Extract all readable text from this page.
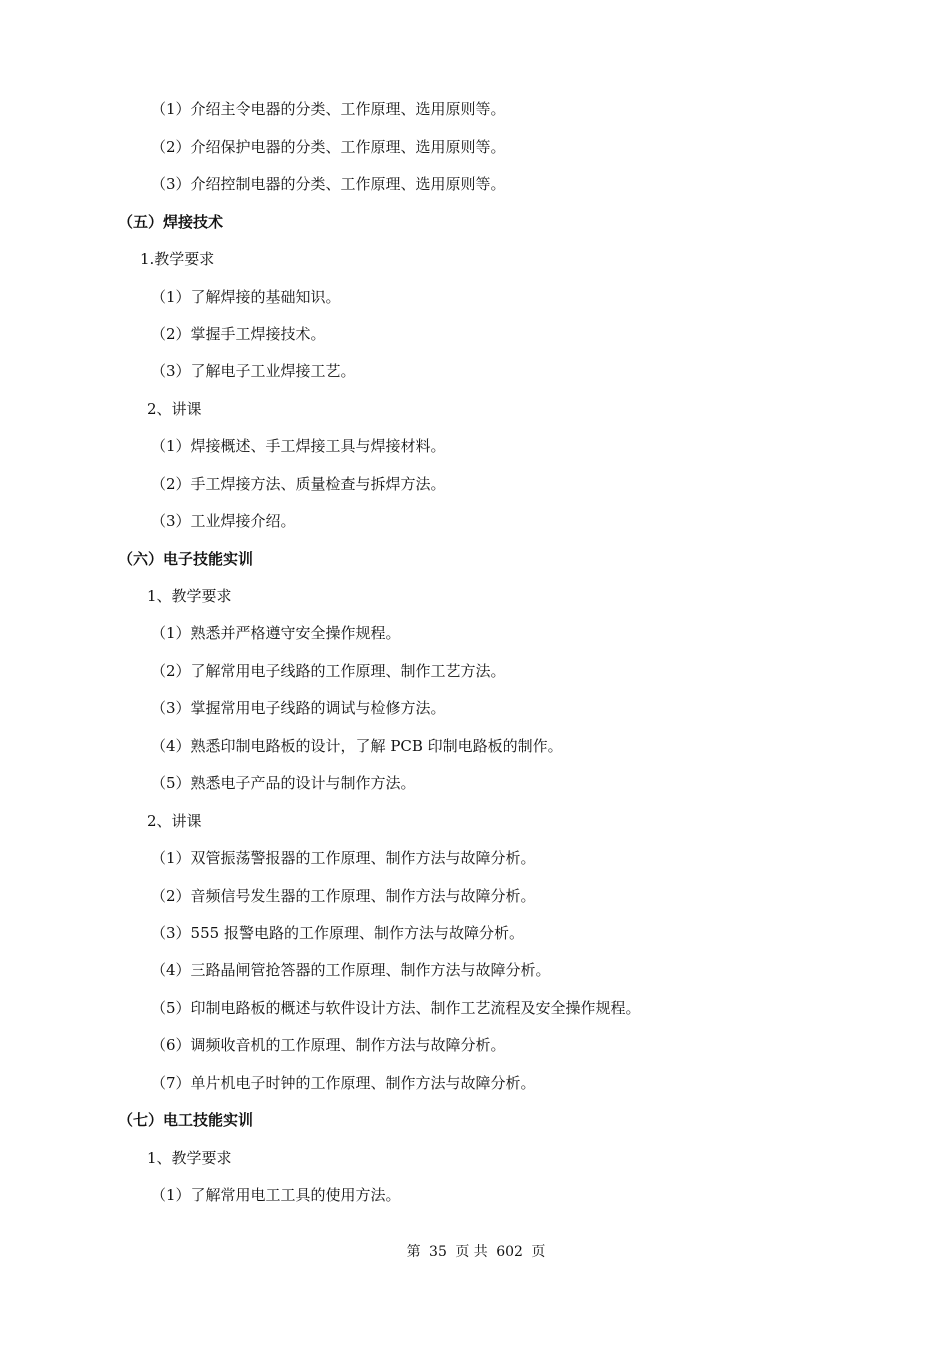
（1）介绍主令电器的分类、工作原理、选用原则等。
（2）介绍保护电器的分类、工作原理、选用原则等。
（3）介绍控制电器的分类、工作原理、选用原则等。
（五）焊接技术
1.教学要求
（1）了解焊接的基础知识。
（2）掌握手工焊接技术。
（3）了解电子工业焊接工艺。
2、讲课
（1）焊接概述、手工焊接工具与焊接材料。
（2）手工焊接方法、质量检查与拆焊方法。
（3）工业焊接介绍。
（六）电子技能实训
1、教学要求
（1）熟悉并严格遵守安全操作规程。
（2）了解常用电子线路的工作原理、制作工艺方法。
（3）掌握常用电子线路的调试与检修方法。
（4）熟悉印制电路板的设计，了解 PCB 印制电路板的制作。
（5）熟悉电子产品的设计与制作方法。
2、讲课
（1）双管振荡警报器的工作原理、制作方法与故障分析。
（2）音频信号发生器的工作原理、制作方法与故障分析。
（3）555 报警电路的工作原理、制作方法与故障分析。
（4）三路晶闸管抢答器的工作原理、制作方法与故障分析。
（5）印制电路板的概述与软件设计方法、制作工艺流程及安全操作规程。
（6）调频收音机的工作原理、制作方法与故障分析。
（7）单片机电子时钟的工作原理、制作方法与故障分析。
（七）电工技能实训
1、教学要求
（1）了解常用电工工具的使用方法。
第 35 页 共 602 页
